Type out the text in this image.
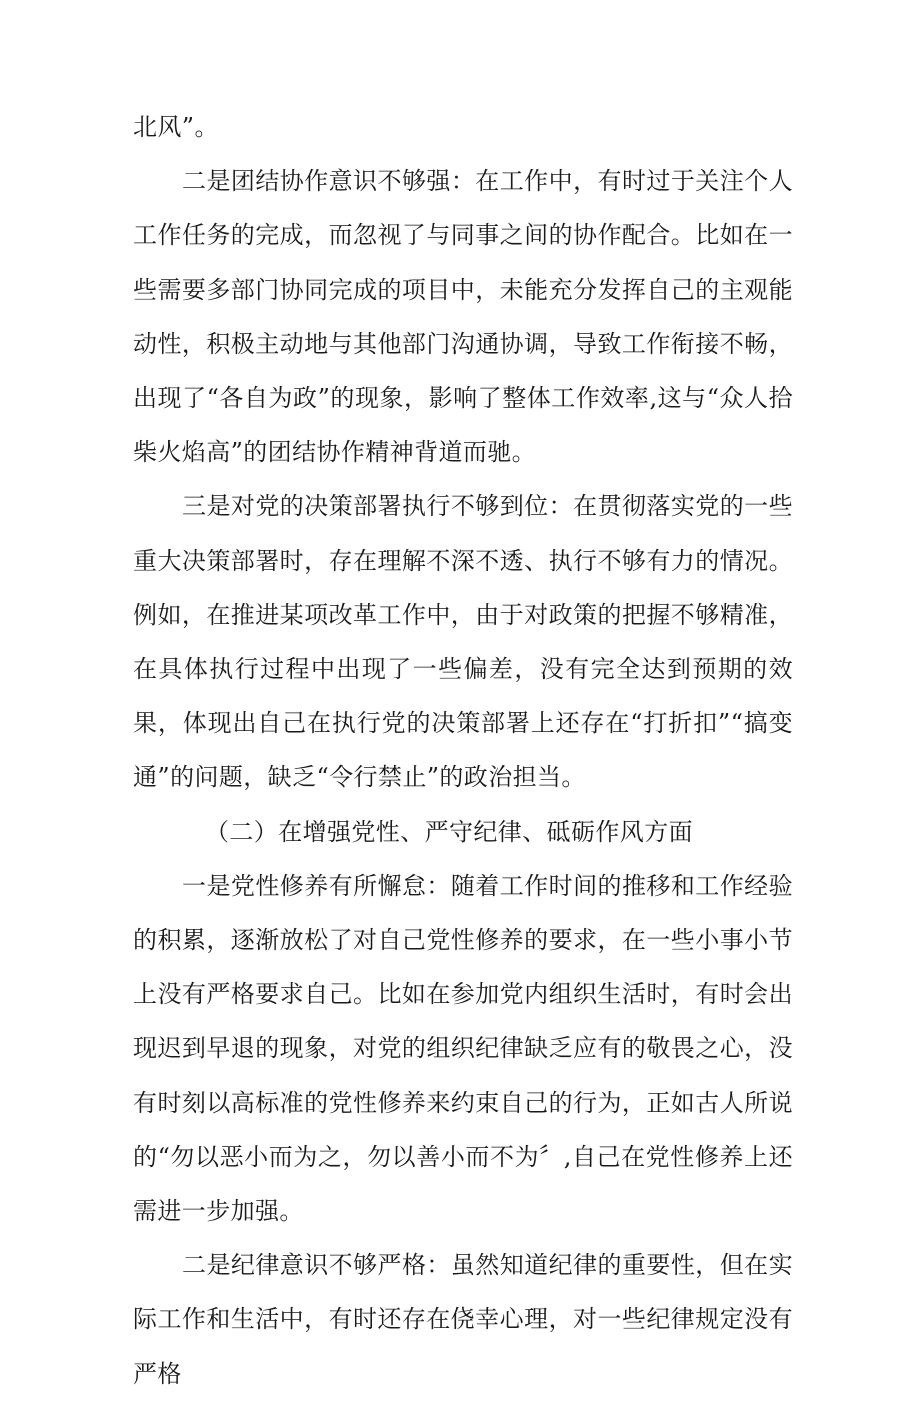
北风”。

二是团结协作意识不够强：在工作中，有时过于关注个人工作任务的完成，而忽视了与同事之间的协作配合。比如在一些需要多部门协同完成的项目中，未能充分发挥自己的主观能动性，积极主动地与其他部门沟通协调，导致工作衔接不畅，出现了“各自为政”的现象，影响了整体工作效率,这与“众人拾柴火焰高”的团结协作精神背道而驰。

三是对党的决策部署执行不够到位：在贯彻落实党的一些重大决策部署时，存在理解不深不透、执行不够有力的情况。例如，在推进某项改革工作中，由于对政策的把握不够精准，在具体执行过程中出现了一些偏差，没有完全达到预期的效果，体现出自己在执行党的决策部署上还存在“打折扣”“搞变通”的问题，缺乏“令行禁止”的政治担当。

（二）在增强党性、严守纪律、砥砺作风方面

一是党性修养有所懈怠：随着工作时间的推移和工作经验的积累，逐渐放松了对自己党性修养的要求，在一些小事小节上没有严格要求自己。比如在参加党内组织生活时，有时会出现迟到早退的现象，对党的组织纪律缺乏应有的敬畏之心，没有时刻以高标准的党性修养来约束自己的行为，正如古人所说的“勿以恶小而为之，勿以善小而不为〞,自己在党性修养上还需进一步加强。

二是纪律意识不够严格：虽然知道纪律的重要性，但在实际工作和生活中，有时还存在侥幸心理，对一些纪律规定没有严格
